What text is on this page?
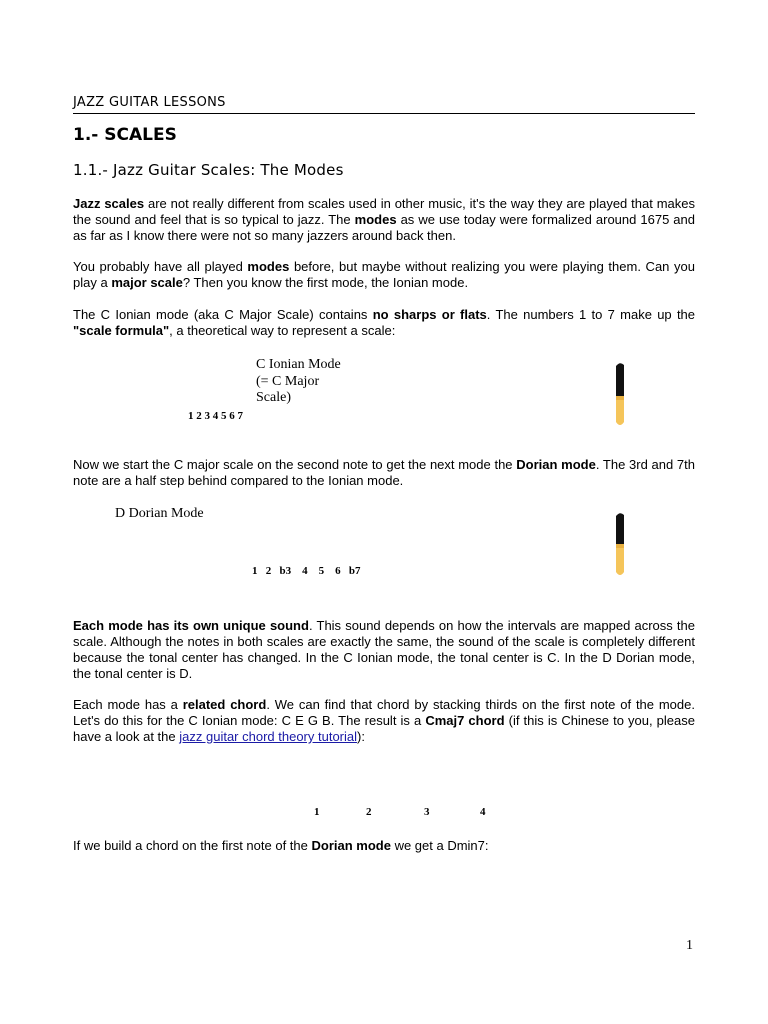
JAZZ GUITAR LESSONS
1.- SCALES
1.1.- Jazz Guitar Scales: The Modes
Jazz scales are not really different from scales used in other music, it's the way they are played that makes the sound and feel that is so typical to jazz. The modes as we use today were formalized around 1675 and as far as I know there were not so many jazzers around back then.
You probably have all played modes before, but maybe without realizing you were playing them. Can you play a major scale? Then you know the first mode, the Ionian mode.
The C Ionian mode (aka C Major Scale) contains no sharps or flats. The numbers 1 to 7 make up the "scale formula", a theoretical way to represent a scale:
C Ionian Mode (= C Major Scale)
1 2 3 4 5 6 7
Now we start the C major scale on the second note to get the next mode the Dorian mode. The 3rd and 7th note are a half step behind compared to the Ionian mode.
D Dorian Mode
1   2   b3    4    5    6   b7
Each mode has its own unique sound. This sound depends on how the intervals are mapped across the scale. Although the notes in both scales are exactly the same, the sound of the scale is completely different because the tonal center has changed. In the C Ionian mode, the tonal center is C. In the D Dorian mode, the tonal center is D.
Each mode has a related chord. We can find that chord by stacking thirds on the first note of the mode. Let's do this for the C Ionian mode: C E G B. The result is a Cmaj7 chord (if this is Chinese to you, please have a look at the jazz guitar chord theory tutorial):
1	2	3	4
If we build a chord on the first note of the Dorian mode we get a Dmin7:
1
